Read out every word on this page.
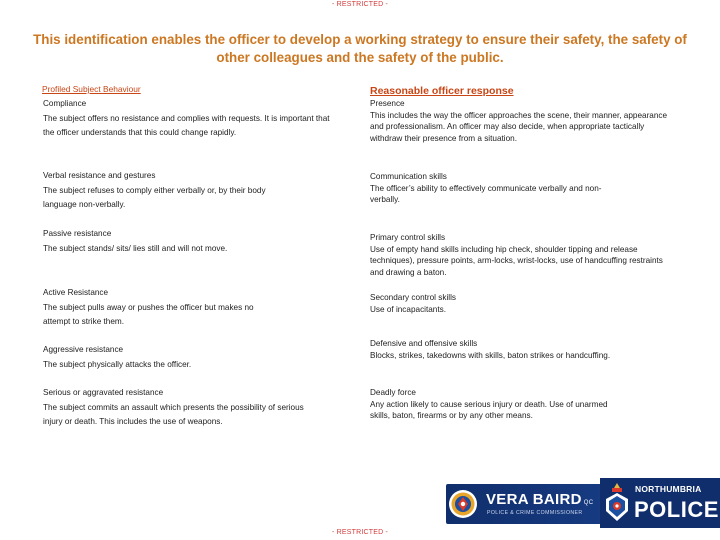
- RESTRICTED -
This identification enables the officer to develop a working strategy to ensure their safety, the safety of other colleagues and the safety of the public.
Profiled Subject Behaviour	Reasonable officer response
Compliance
The subject offers no resistance and complies with requests. It is important that the officer understands that this could change rapidly.
Presence
This includes the way the officer approaches the scene, their manner, appearance and professionalism. An officer may also decide, when appropriate tactically withdraw their presence from a situation.
Verbal resistance and gestures
The subject refuses to comply either verbally or, by their body language non-verbally.
Communication skills
The officer’s ability to effectively communicate verbally and non-verbally.
Passive resistance
The subject stands/ sits/ lies still and will not move.
Primary control skills
Use of empty hand skills including hip check, shoulder tipping and release techniques), pressure points, arm-locks, wrist-locks, use of handcuffing restraints and drawing a baton.
Active Resistance
The subject pulls away or pushes the officer but makes no attempt to strike them.
Secondary control skills
Use of incapacitants.
Aggressive resistance
The subject physically attacks the officer.
Defensive and offensive skills
Blocks, strikes, takedowns with skills, baton strikes or handcuffing.
Serious or aggravated resistance
The subject commits an assault which presents the possibility of serious injury or death. This includes the use of weapons.
Deadly force
Any action likely to cause serious injury or death. Use of unarmed skills, baton, firearms or by any other means.
VERA BAIRD QC
POLICE & CRIME COMMISSIONER
NORTHUMBRIA
POLICE
- RESTRICTED -
